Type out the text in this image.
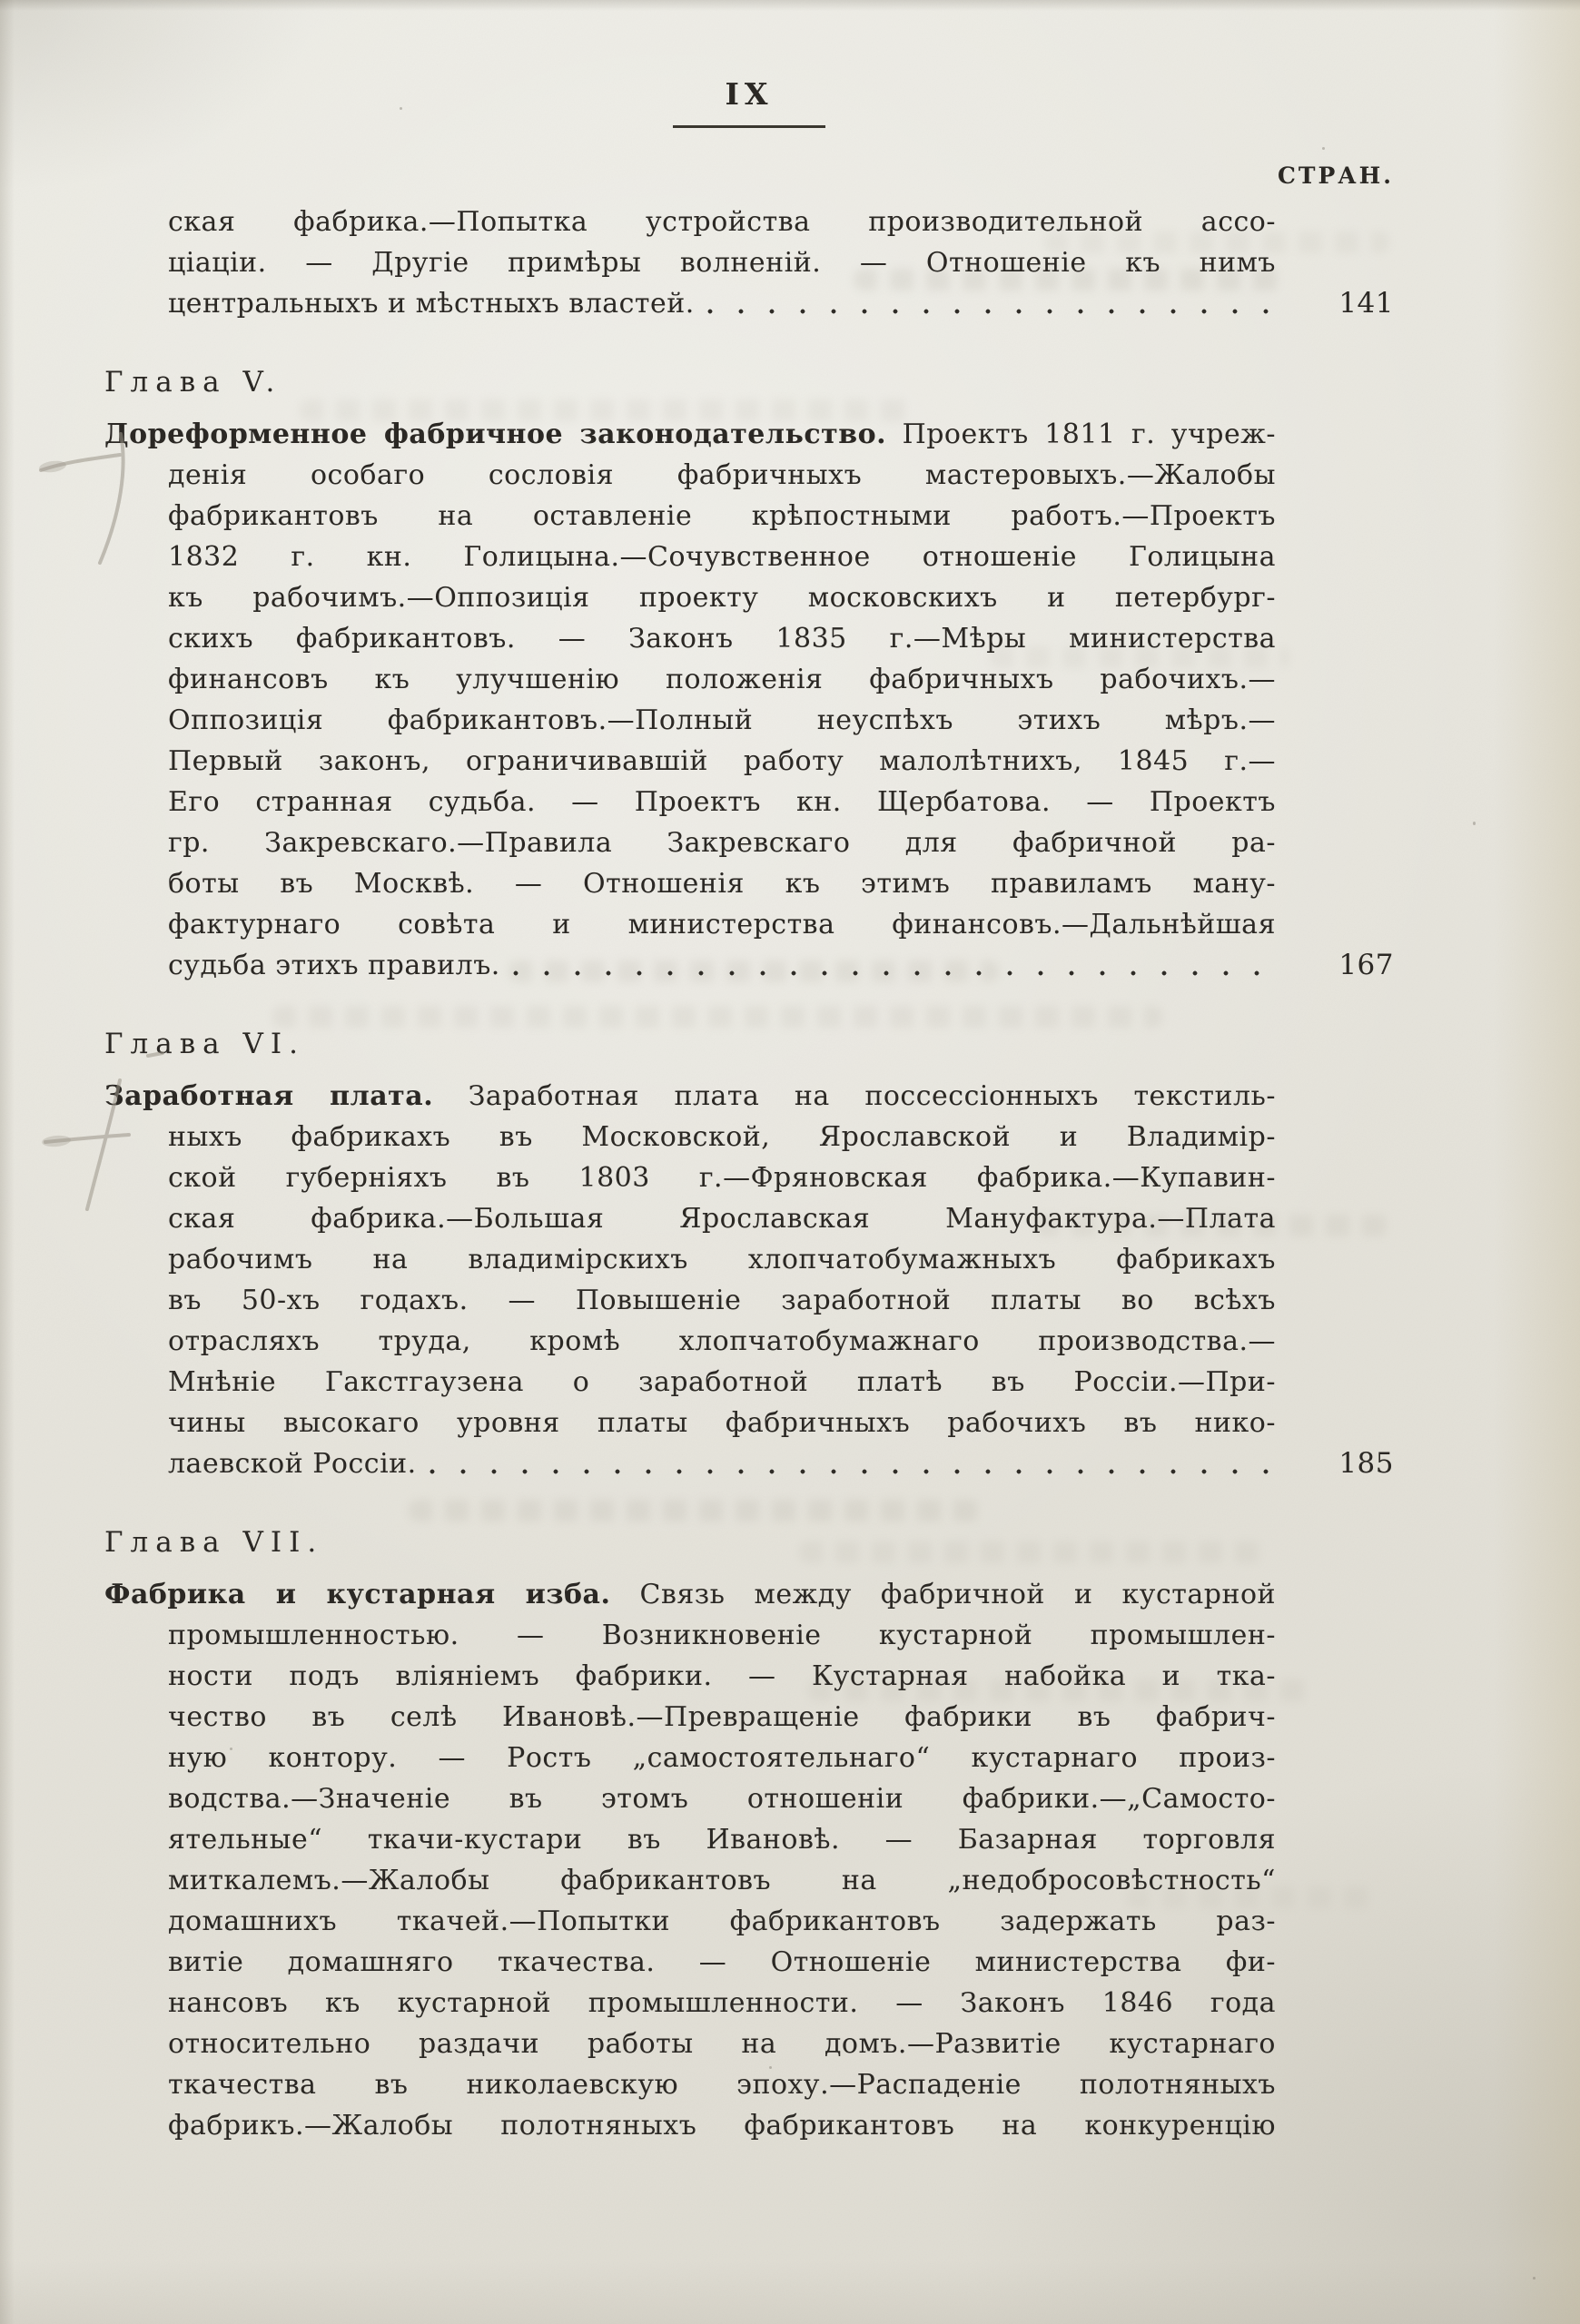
IX
СТРАН.
ская фабрика.—Попытка устройства производительной ассо-
ціаціи. — Другіе примѣры волненій. — Отношеніе къ нимъ
центральныхъ и мѣстныхъ властей.	141
Глава V.
Дореформенное фабричное законодательство. Проектъ 1811 г. учреж-
денія особаго сословія фабричныхъ мастеровыхъ.—Жалобы
фабрикантовъ на оставленіе крѣпостными работъ.—Проектъ
1832 г. кн. Голицына.—Сочувственное отношеніе Голицына
къ рабочимъ.—Оппозиція проекту московскихъ и петербург-
скихъ фабрикантовъ. — Законъ 1835 г.—Мѣры министерства
финансовъ къ улучшенію положенія фабричныхъ рабочихъ.—
Оппозиція фабрикантовъ.—Полный неуспѣхъ этихъ мѣръ.—
Первый законъ, ограничивавшій работу малолѣтнихъ, 1845 г.—
Его странная судьба. — Проектъ кн. Щербатова. — Проектъ
гр. Закревскаго.—Правила Закревскаго для фабричной ра-
боты въ Москвѣ. — Отношенія къ этимъ правиламъ ману-
фактурнаго совѣта и министерства финансовъ.—Дальнѣйшая
судьба этихъ правилъ.	167
Глава VI.
Заработная плата. Заработная плата на поссессіонныхъ текстиль-
ныхъ фабрикахъ въ Московской, Ярославской и Владимір-
ской губерніяхъ въ 1803 г.—Фряновская фабрика.—Купавин-
ская фабрика.—Большая Ярославская Мануфактура.—Плата
рабочимъ на владимірскихъ хлопчатобумажныхъ фабрикахъ
въ 50-хъ годахъ. — Повышеніе заработной платы во всѣхъ
отрасляхъ труда, кромѣ хлопчатобумажнаго производства.—
Мнѣніе Гакстгаузена о заработной платѣ въ Россіи.—При-
чины высокаго уровня платы фабричныхъ рабочихъ въ нико-
лаевской Россіи.	185
Глава VII.
Фабрика и кустарная изба. Связь между фабричной и кустарной
промышленностью. — Возникновеніе кустарной промышлен-
ности подъ вліяніемъ фабрики. — Кустарная набойка и тка-
чество въ селѣ Ивановѣ.—Превращеніе фабрики въ фабрич-
ную контору. — Ростъ „самостоятельнаго“ кустарнаго произ-
водства.—Значеніе въ этомъ отношеніи фабрики.—„Самосто-
ятельные“ ткачи-кустари въ Ивановѣ. — Базарная торговля
миткалемъ.—Жалобы фабрикантовъ на „недобросовѣстность“
домашнихъ ткачей.—Попытки фабрикантовъ задержать раз-
витіе домашняго ткачества. — Отношеніе министерства фи-
нансовъ къ кустарной промышленности. — Законъ 1846 года
относительно раздачи работы на домъ.—Развитіе кустарнаго
ткачества въ николаевскую эпоху.—Распаденіе полотняныхъ
фабрикъ.—Жалобы полотняныхъ фабрикантовъ на конкуренцію
